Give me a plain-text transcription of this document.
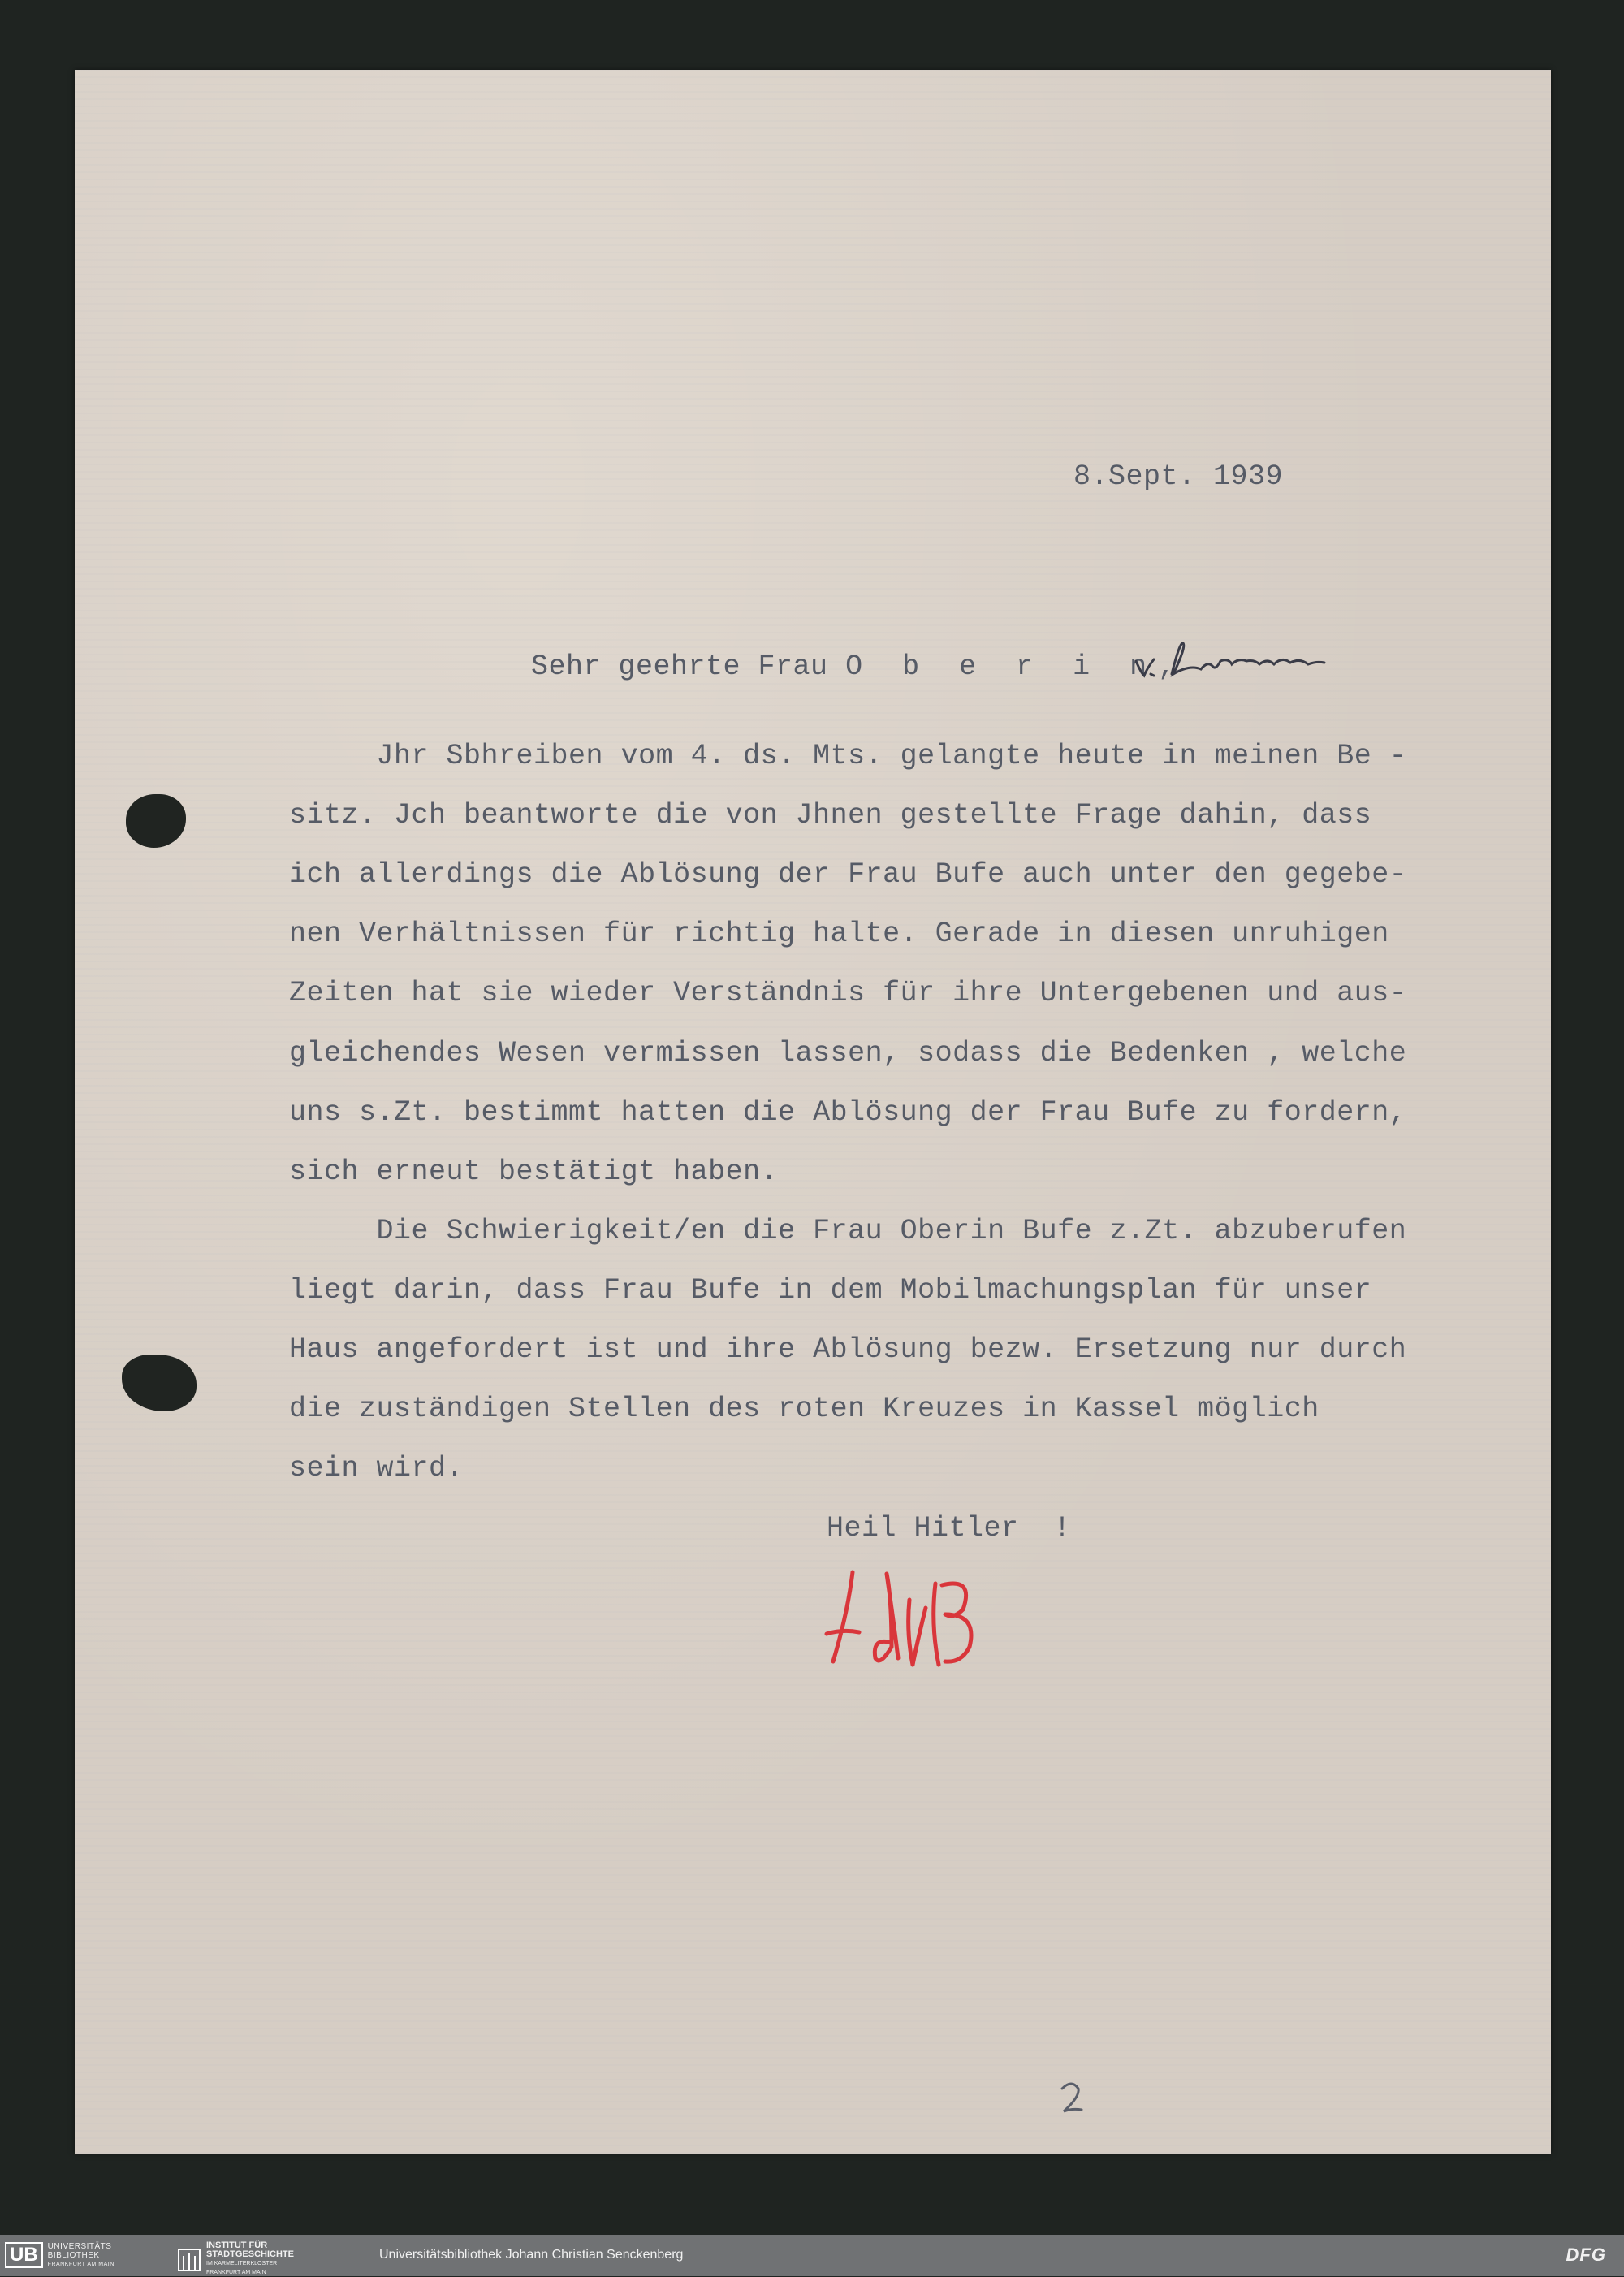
8.Sept. 1939
Sehr geehrte Frau O b e r i n,

Jhr Sbhreiben vom 4. ds. Mts. gelangte heute in meinen Be -

sitz. Jch beantworte die von Jhnen gestellte Frage dahin, dass

ich allerdings die Ablösung der Frau Bufe auch unter den gegebe-

nen Verhältnissen für richtig halte. Gerade in diesen unruhigen

Zeiten hat sie wieder Verständnis für ihre Untergebenen und aus-

gleichendes Wesen vermissen lassen, sodass die Bedenken , welche

uns s.Zt. bestimmt hatten die Ablösung der Frau Bufe zu fordern,

sich erneut bestätigt haben.

Die Schwierigkeit/en die Frau Oberin Bufe z.Zt. abzuberufen

liegt darin, dass Frau Bufe in dem Mobilmachungsplan für unser

Haus angefordert ist und ihre Ablösung bezw. Ersetzung nur durch

die zuständigen Stellen des roten Kreuzes in Kassel möglich

sein wird.

Heil Hitler  !
UB	UNIVERSITÄTS
BIBLIOTHEK
FRANKFURT AM MAIN
INSTITUT FÜR
STADTGESCHICHTE
IM KARMELITERKLOSTER
FRANKFURT AM MAIN
Universitätsbibliothek Johann Christian Senckenberg	DFG
